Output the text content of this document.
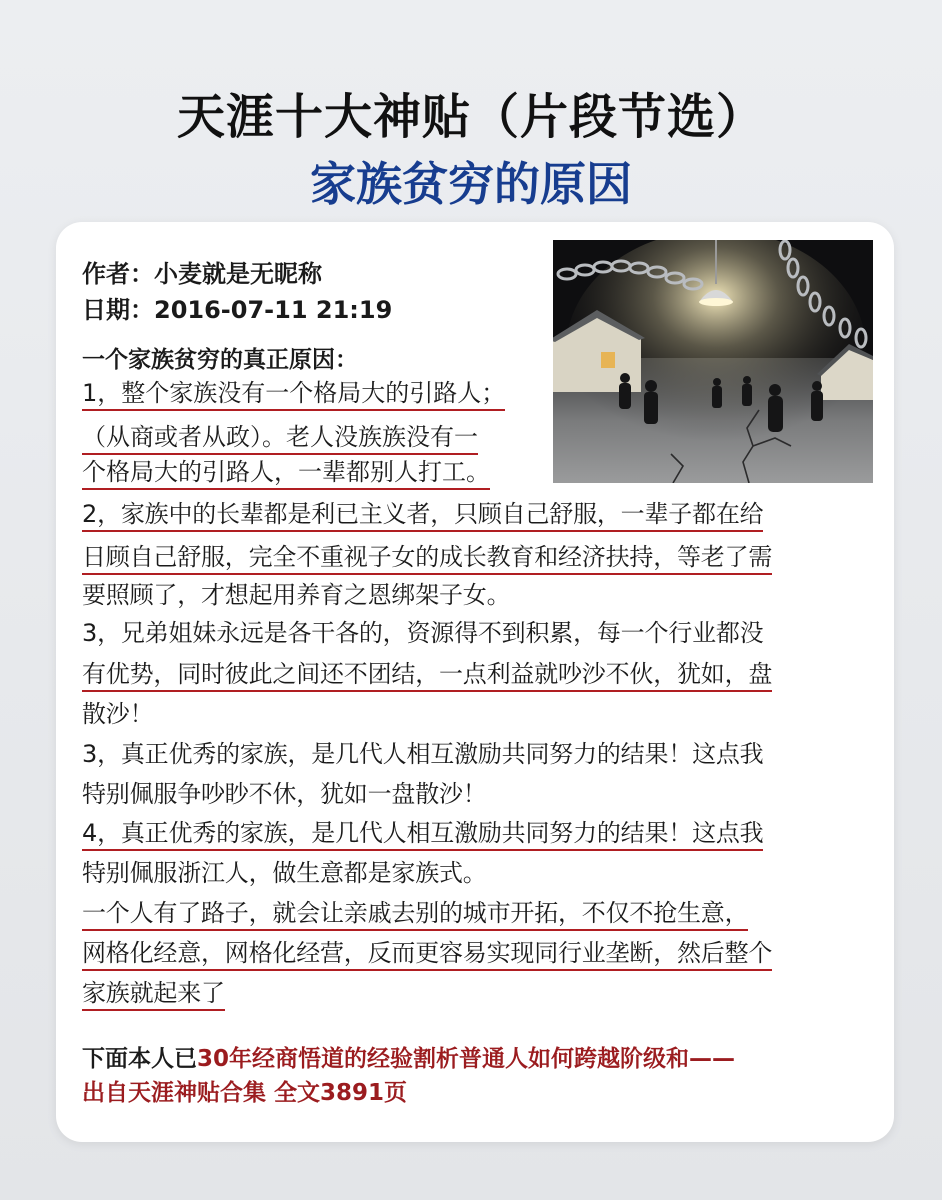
天涯十大神贴（片段节选）
家族贫穷的原因

作者：小麦就是无昵称

日期：2016-07-11 21:19

一个家族贫穷的真正原因：

1，整个家族没有一个格局大的引路人；

（从商或者从政）。老人没族族没有一

个格局大的引路人，一辈都别人打工。

2，家族中的长辈都是利已主义者，只顾自己舒服，一辈子都在给

日顾自己舒服，完全不重视子女的成长教育和经济扶持，等老了需

要照顾了，才想起用养育之恩绑架子女。

3，兄弟姐妹永远是各干各的，资源得不到积累，每一个行业都没

有优势，同时彼此之间还不团结，一点利益就吵沙不伙，犹如，盘

散沙！

3，真正优秀的家族，是几代人相互激励共同努力的结果！这点我

特别佩服争吵眇不休，犹如一盘散沙！

4，真正优秀的家族，是几代人相互激励共同努力的结果！这点我

特别佩服浙江人，做生意都是家族式。

一个人有了路子，就会让亲戚去别的城市开拓，不仅不抢生意，

网格化经意，网格化经营，反而更容易实现同行业垄断，然后整个

家族就起来了

下面本人已30年经商悟道的经验割析普通人如何跨越阶级和——

出自天涯神贴合集 全文3891页
